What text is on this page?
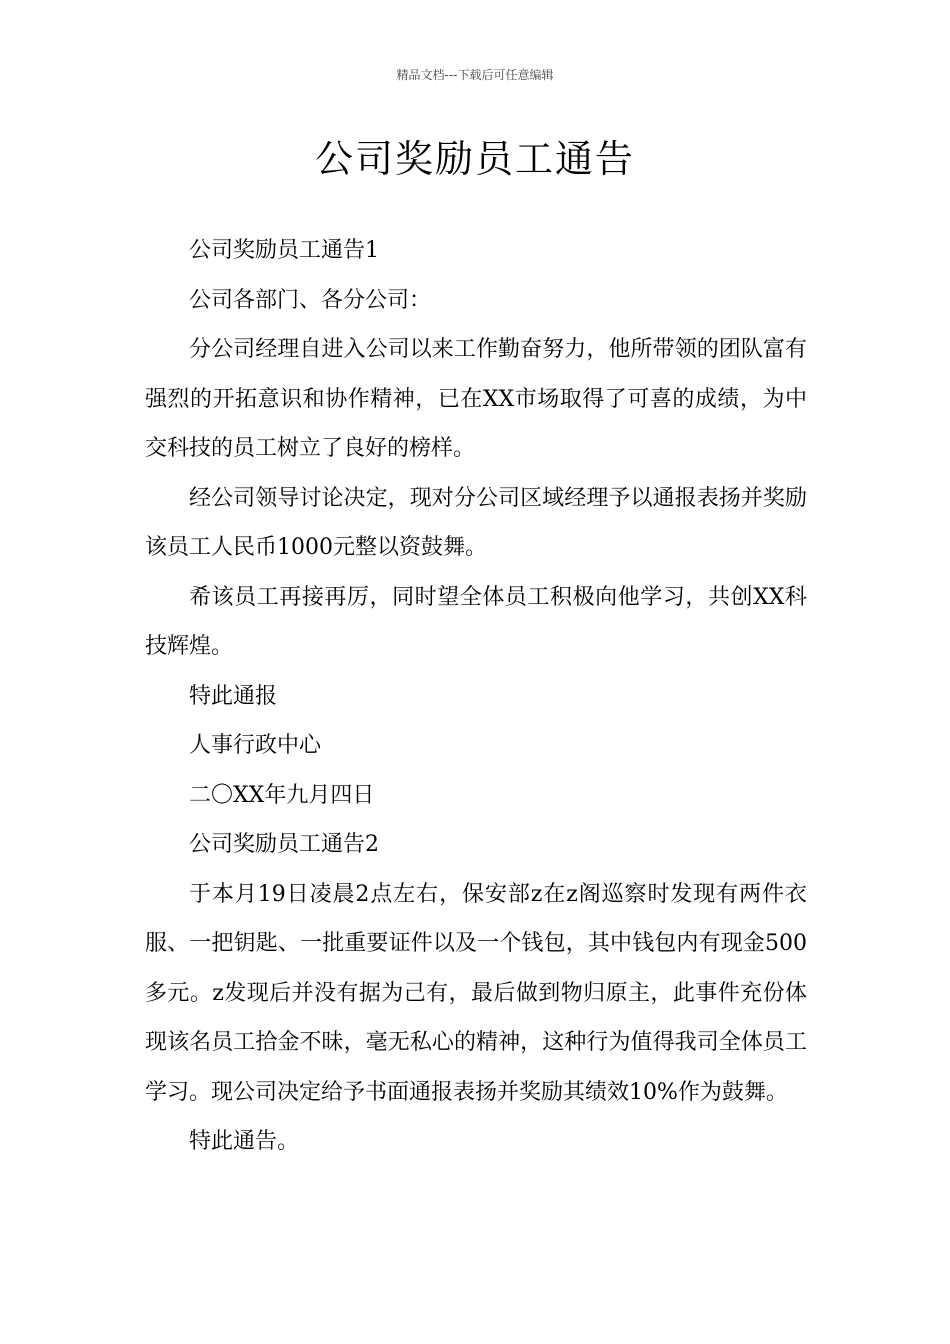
精品文档---下载后可任意编辑
公司奖励员工通告

公司奖励员工通告1

公司各部门、各分公司：

分公司经理自进入公司以来工作勤奋努力，他所带领的团队富有强烈的开拓意识和协作精神，已在XX市场取得了可喜的成绩，为中交科技的员工树立了良好的榜样。

经公司领导讨论决定，现对分公司区域经理予以通报表扬并奖励该员工人民币1000元整以资鼓舞。

希该员工再接再厉，同时望全体员工积极向他学习，共创XX科技辉煌。

特此通报

人事行政中心

二〇XX年九月四日

公司奖励员工通告2

于本月19日凌晨2点左右，保安部z在z阁巡察时发现有两件衣服、一把钥匙、一批重要证件以及一个钱包，其中钱包内有现金500多元。z发现后并没有据为己有，最后做到物归原主，此事件充份体现该名员工拾金不昧，毫无私心的精神，这种行为值得我司全体员工学习。现公司决定给予书面通报表扬并奖励其绩效10%作为鼓舞。

特此通告。
